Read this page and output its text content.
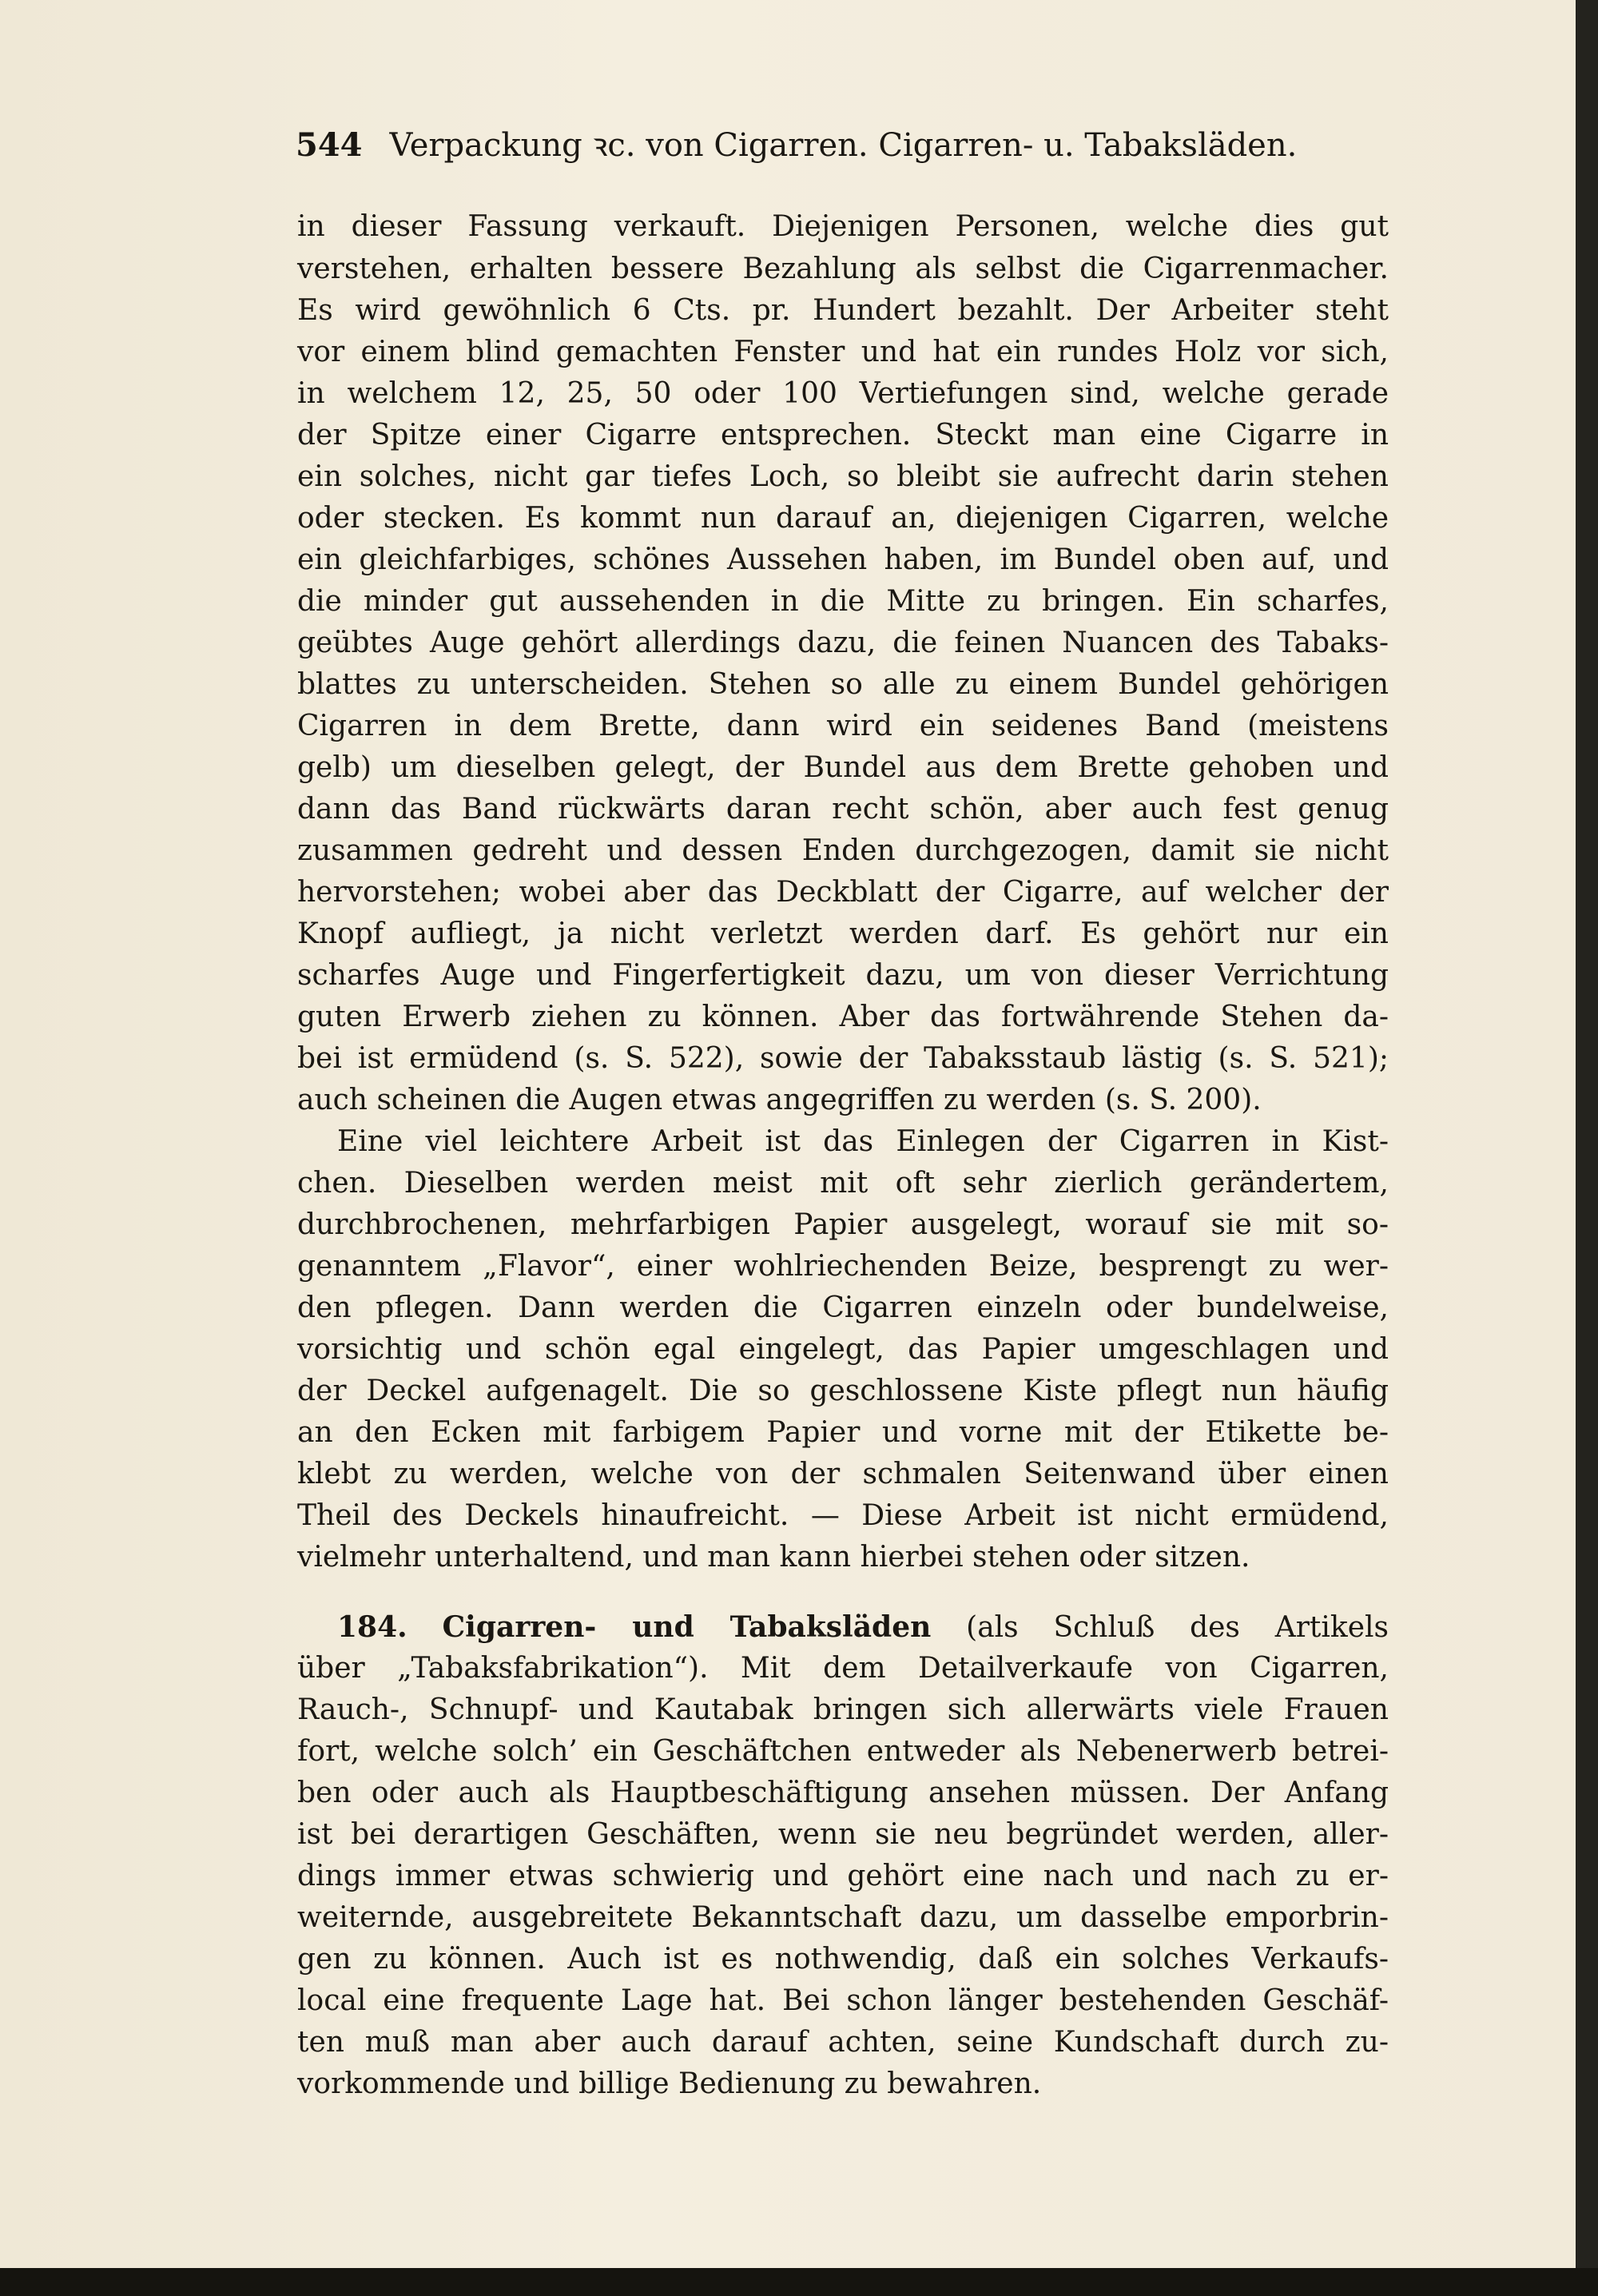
544 Verpackung ꝛc. von Cigarren. Cigarren- u. Tabaksläden.
in dieser Fassung verkauft. Diejenigen Personen, welche dies gut
verstehen, erhalten bessere Bezahlung als selbst die Cigarrenmacher.
Es wird gewöhnlich 6 Cts. pr. Hundert bezahlt. Der Arbeiter steht
vor einem blind gemachten Fenster und hat ein rundes Holz vor sich,
in welchem 12, 25, 50 oder 100 Vertiefungen sind, welche gerade
der Spitze einer Cigarre entsprechen. Steckt man eine Cigarre in
ein solches, nicht gar tiefes Loch, so bleibt sie aufrecht darin stehen
oder stecken. Es kommt nun darauf an, diejenigen Cigarren, welche
ein gleichfarbiges, schönes Aussehen haben, im Bundel oben auf, und
die minder gut aussehenden in die Mitte zu bringen. Ein scharfes,
geübtes Auge gehört allerdings dazu, die feinen Nuancen des Tabaks-
blattes zu unterscheiden. Stehen so alle zu einem Bundel gehörigen
Cigarren in dem Brette, dann wird ein seidenes Band (meistens
gelb) um dieselben gelegt, der Bundel aus dem Brette gehoben und
dann das Band rückwärts daran recht schön, aber auch fest genug
zusammen gedreht und dessen Enden durchgezogen, damit sie nicht
hervorstehen; wobei aber das Deckblatt der Cigarre, auf welcher der
Knopf aufliegt, ja nicht verletzt werden darf. Es gehört nur ein
scharfes Auge und Fingerfertigkeit dazu, um von dieser Verrichtung
guten Erwerb ziehen zu können. Aber das fortwährende Stehen da-
bei ist ermüdend (s. S. 522), sowie der Tabaksstaub lästig (s. S. 521);
auch scheinen die Augen etwas angegriffen zu werden (s. S. 200).
Eine viel leichtere Arbeit ist das Einlegen der Cigarren in Kist-
chen. Dieselben werden meist mit oft sehr zierlich gerändertem,
durchbrochenen, mehrfarbigen Papier ausgelegt, worauf sie mit so-
genanntem „Flavor“, einer wohlriechenden Beize, besprengt zu wer-
den pflegen. Dann werden die Cigarren einzeln oder bundelweise,
vorsichtig und schön egal eingelegt, das Papier umgeschlagen und
der Deckel aufgenagelt. Die so geschlossene Kiste pflegt nun häufig
an den Ecken mit farbigem Papier und vorne mit der Etikette be-
klebt zu werden, welche von der schmalen Seitenwand über einen
Theil des Deckels hinaufreicht. — Diese Arbeit ist nicht ermüdend,
vielmehr unterhaltend, und man kann hierbei stehen oder sitzen.
184. Cigarren- und Tabaksläden (als Schluß des Artikels
über „Tabaksfabrikation“). Mit dem Detailverkaufe von Cigarren,
Rauch-, Schnupf- und Kautabak bringen sich allerwärts viele Frauen
fort, welche solch’ ein Geschäftchen entweder als Nebenerwerb betrei-
ben oder auch als Hauptbeschäftigung ansehen müssen. Der Anfang
ist bei derartigen Geschäften, wenn sie neu begründet werden, aller-
dings immer etwas schwierig und gehört eine nach und nach zu er-
weiternde, ausgebreitete Bekanntschaft dazu, um dasselbe emporbrin-
gen zu können. Auch ist es nothwendig, daß ein solches Verkaufs-
local eine frequente Lage hat. Bei schon länger bestehenden Geschäf-
ten muß man aber auch darauf achten, seine Kundschaft durch zu-
vorkommende und billige Bedienung zu bewahren.
